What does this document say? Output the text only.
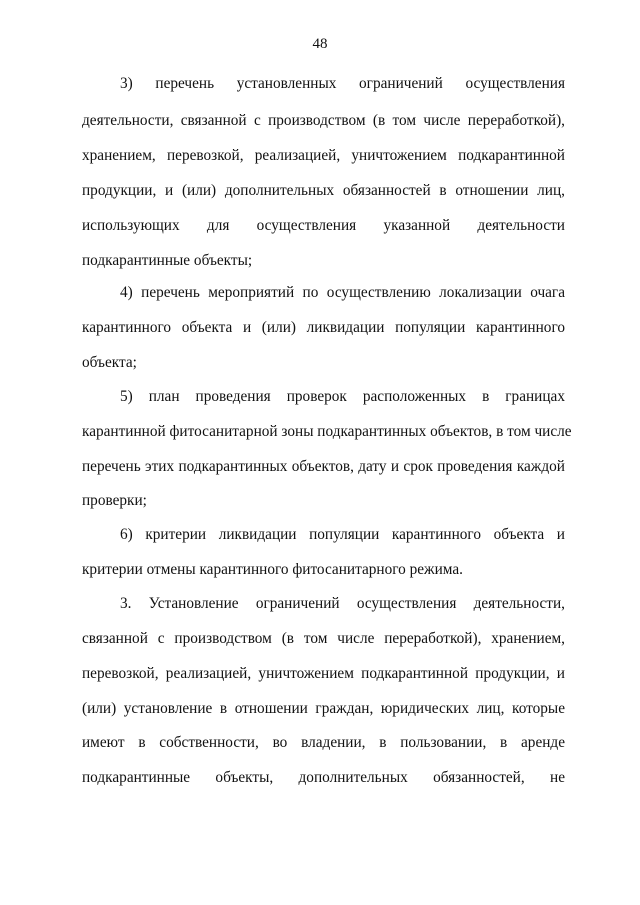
48
3) перечень установленных ограничений осуществления
деятельности, связанной с производством (в том числе переработкой),
хранением, перевозкой, реализацией, уничтожением подкарантинной
продукции, и (или) дополнительных обязанностей в отношении лиц,
использующих для осуществления указанной деятельности
подкарантинные объекты;
4) перечень мероприятий по осуществлению локализации очага
карантинного объекта и (или) ликвидации популяции карантинного
объекта;
5) план проведения проверок расположенных в границах
карантинной фитосанитарной зоны подкарантинных объектов, в том числе
перечень этих подкарантинных объектов, дату и срок проведения каждой
проверки;
6) критерии ликвидации популяции карантинного объекта и
критерии отмены карантинного фитосанитарного режима.
3. Установление ограничений осуществления деятельности,
связанной с производством (в том числе переработкой), хранением,
перевозкой, реализацией, уничтожением подкарантинной продукции, и
(или) установление в отношении граждан, юридических лиц, которые
имеют в собственности, во владении, в пользовании, в аренде
подкарантинные объекты, дополнительных обязанностей, не
